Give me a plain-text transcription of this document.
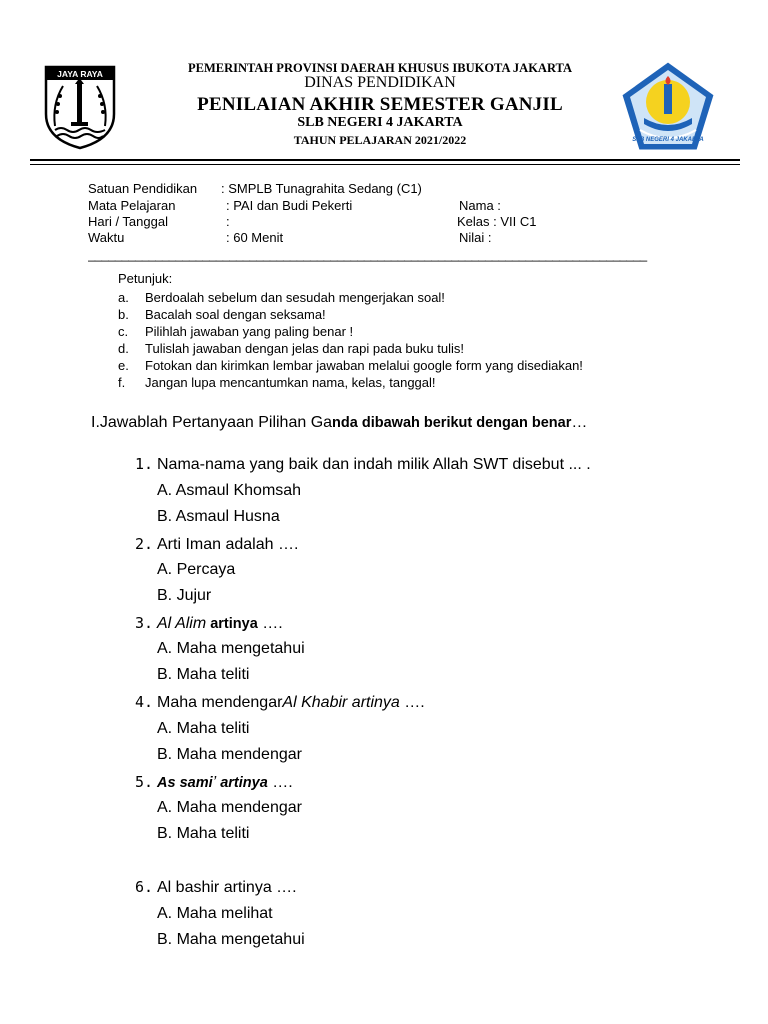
JAYA RAYA	PEMERINTAH PROVINSI DAERAH KHUSUS IBUKOTA JAKARTA
DINAS PENDIDIKAN
PENILAIAN AKHIR SEMESTER GANJIL
SLB NEGERI 4 JAKARTA
TAHUN PELAJARAN 2021/2022	SLB NEGERI 4 JAKARTA
Satuan Pendidikan : SMPLB Tunagrahita Sedang (C1)
Mata Pelajaran	: PAI dan Budi Pekerti	Nama :
Hari / Tanggal	:	Kelas : VII C1
Waktu	: 60 Menit	Nilai :
___________________________________________________________________________________
Petunjuk:
a. Berdoalah sebelum dan sesudah mengerjakan soal!
b. Bacalah soal dengan seksama!
c. Pilihlah jawaban yang paling benar !
d. Tulislah jawaban dengan jelas dan rapi pada buku tulis!
e. Fotokan dan kirimkan lembar jawaban melalui google form yang disediakan!
f. Jangan lupa mencantumkan nama, kelas, tanggal!
I.Jawablah Pertanyaan Pilihan Ganda dibawah berikut dengan benar…
1. Nama-nama yang baik dan indah milik Allah SWT disebut ... .
A. Asmaul Khomsah
B. Asmaul Husna
2. Arti Iman adalah ….
A. Percaya
B. Jujur
3. Al Alim artinya ….
A. Maha mengetahui
B. Maha teliti
4. Maha mendengarAl Khabir artinya ….
A. Maha teliti
B. Maha mendengar
5. As sami’ artinya ….
A. Maha mendengar
B. Maha teliti
6. Al bashir artinya ….
A. Maha melihat
B. Maha mengetahui
